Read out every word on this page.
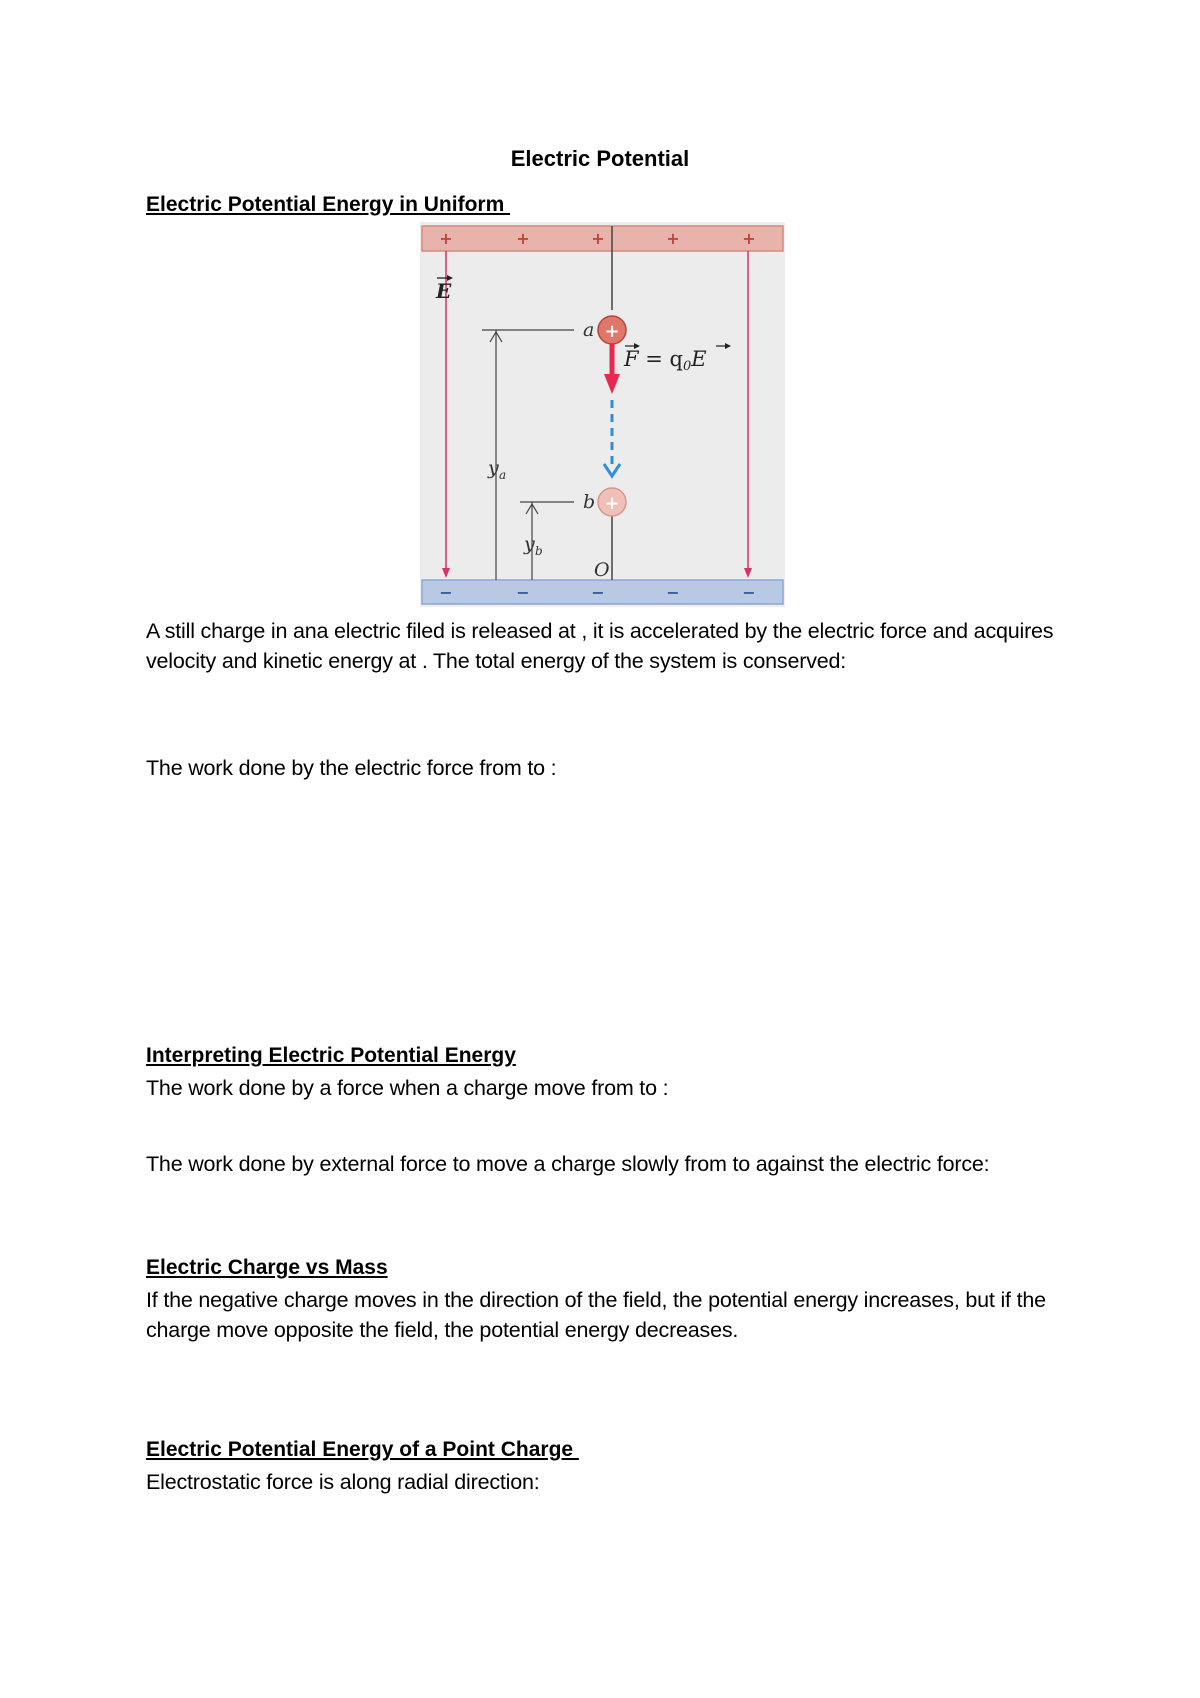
Electric Potential
Electric Potential Energy in Uniform
+	+	+	+	+
−	−	−	−	−
E
y a
y b
a
b
O
+
F = q0E
+
A still charge in ana electric filed is released at , it is accelerated by the electric force and acquires velocity and kinetic energy at . The total energy of the system is conserved:
The work done by the electric force from to :
Interpreting Electric Potential Energy
The work done by a force when a charge move from to :
The work done by external force to move a charge slowly from to against the electric force:
Electric Charge vs Mass
If the negative charge moves in the direction of the field, the potential energy increases, but if the charge move opposite the field, the potential energy decreases.
Electric Potential Energy of a Point Charge
Electrostatic force is along radial direction:
